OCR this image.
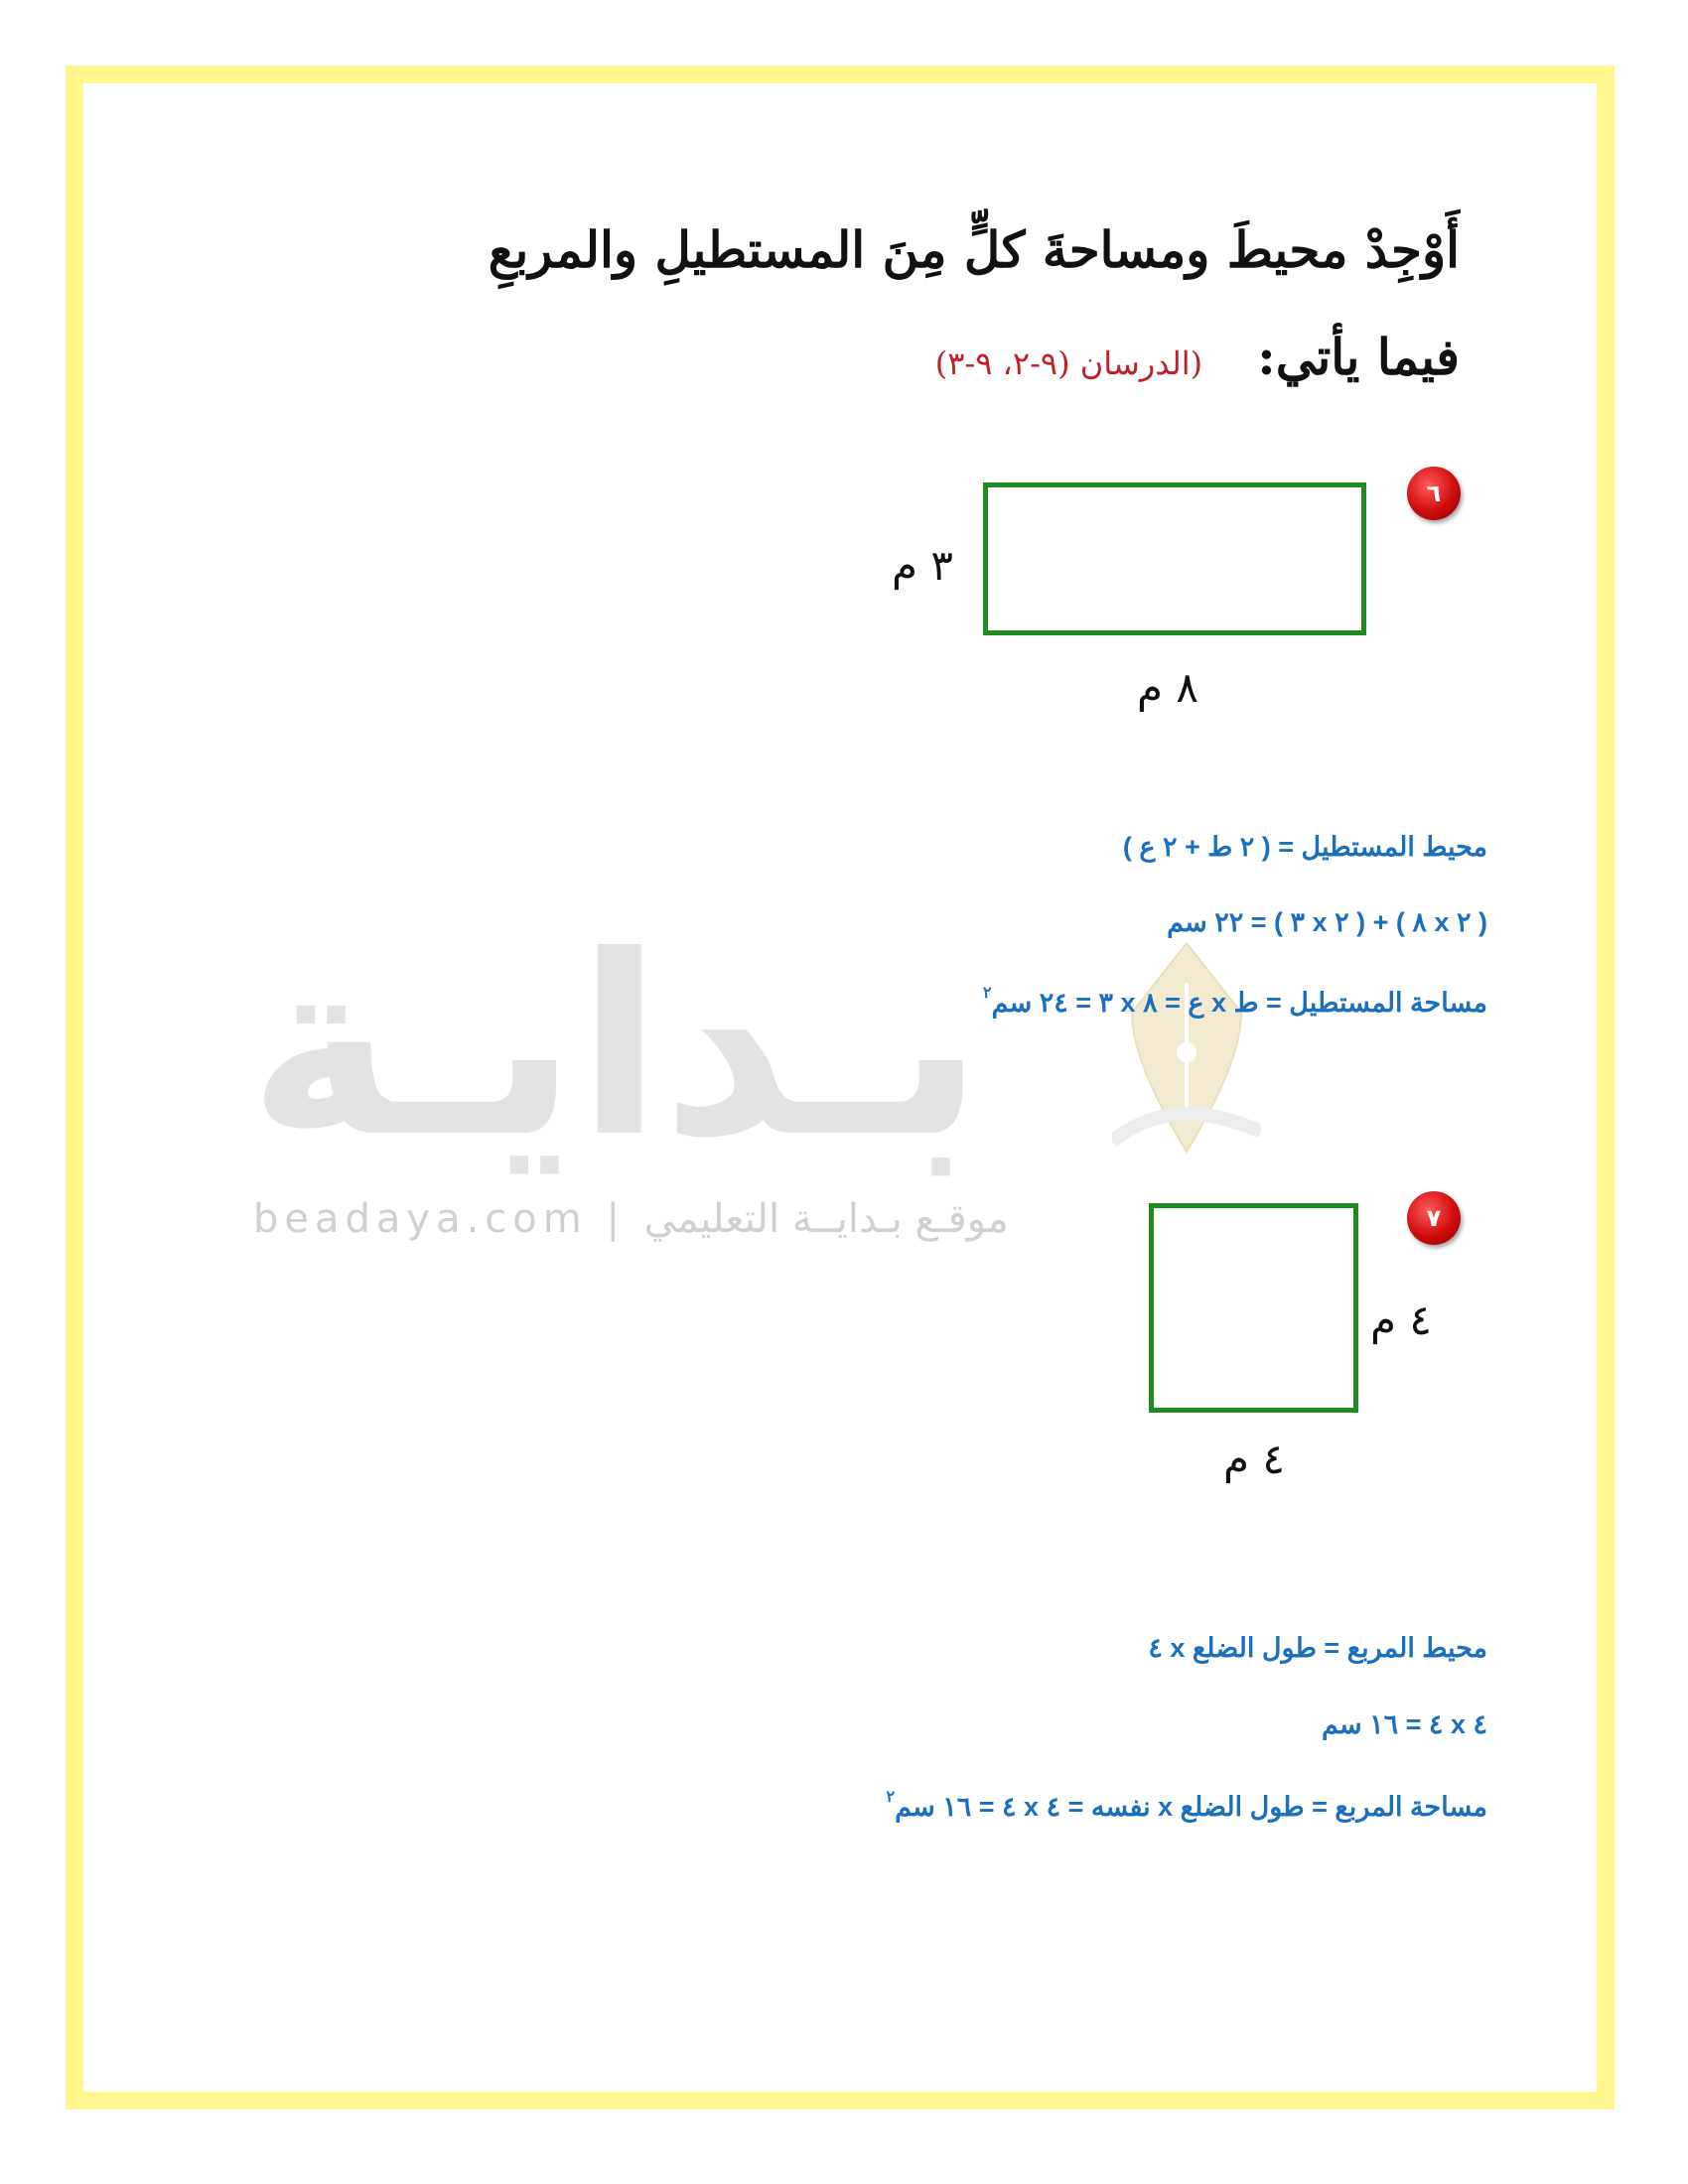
بـدايـة
beadaya.com | موقـع بـدايــة التعليمي
أَوْجِدْ محيطَ ومساحةَ كلٍّ مِنَ المستطيلِ والمربعِ
فيما يأتي: (الدرسان (٩-٢، ٩-٣)
٦
٣ م
٨ م
محيط المستطيل = ( ٢ ط + ٢ ع )
( ٢ x ٨ ) + ( ٢ x ٣ ) = ٢٢ سم
مساحة المستطيل = ط x ع = ٨ x ٣ = ٢٤ سم$^٢$
٧
٤ م
٤ م
محيط المربع = طول الضلع x ٤
٤ x ٤ = ١٦ سم
مساحة المربع = طول الضلع x نفسه = ٤ x ٤ = ١٦ سم$^٢$
